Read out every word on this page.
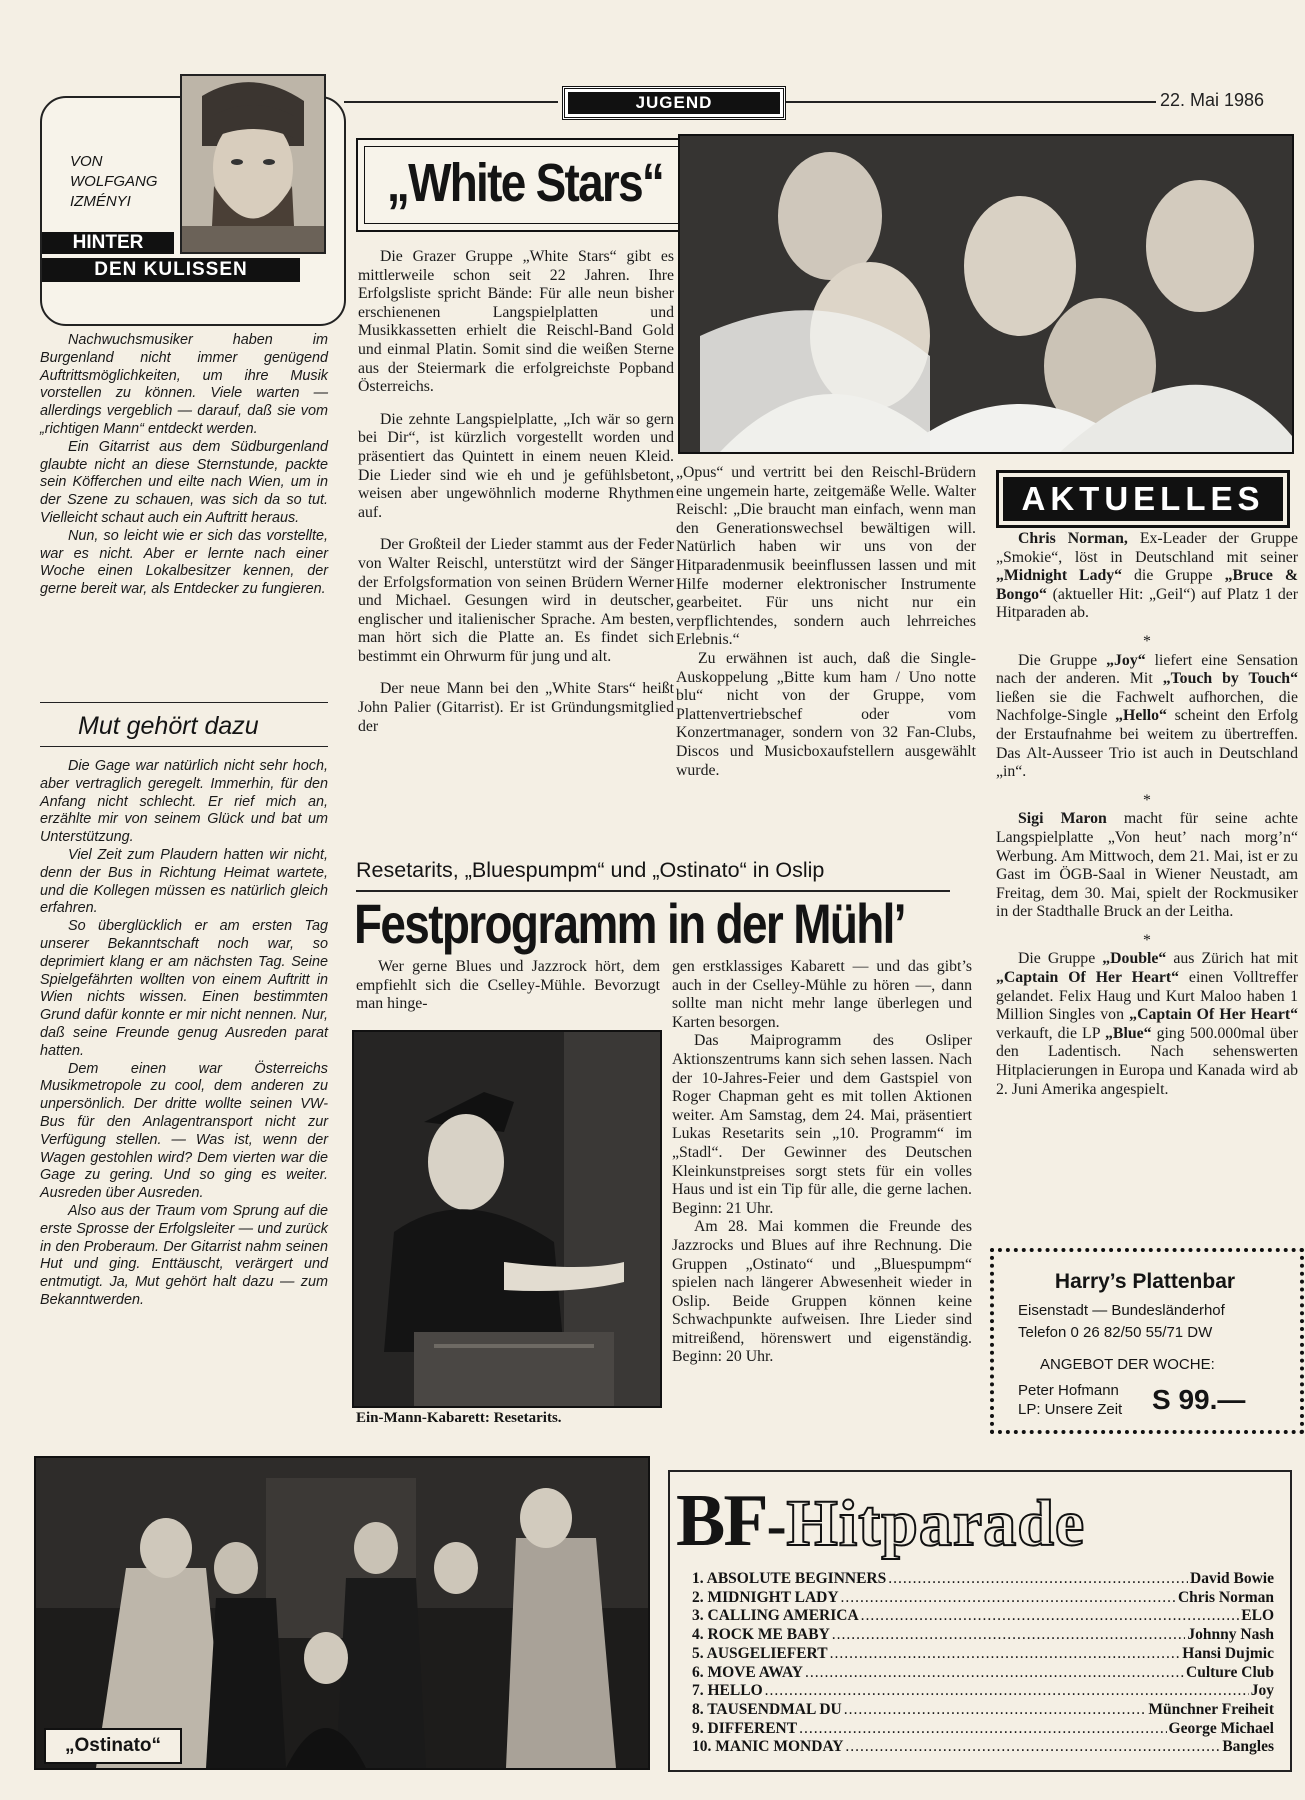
JUGEND	22. Mai 1986
VON
WOLFGANG
IZMÉNYI
HINTER
DEN KULISSEN

Nachwuchsmusiker haben im Burgenland nicht immer genügend Auftrittsmöglichkeiten, um ihre Musik vorstellen zu können. Viele warten — allerdings vergeblich — darauf, daß sie vom „richtigen Mann“ entdeckt werden.

Ein Gitarrist aus dem Südburgenland glaubte nicht an diese Sternstunde, packte sein Köfferchen und eilte nach Wien, um in der Szene zu schauen, was sich da so tut. Vielleicht schaut auch ein Auftritt heraus.

Nun, so leicht wie er sich das vorstellte, war es nicht. Aber er lernte nach einer Woche einen Lokalbesitzer kennen, der gerne bereit war, als Entdecker zu fungieren.

Mut gehört dazu

Die Gage war natürlich nicht sehr hoch, aber vertraglich geregelt. Immerhin, für den Anfang nicht schlecht. Er rief mich an, erzählte mir von seinem Glück und bat um Unterstützung.

Viel Zeit zum Plaudern hatten wir nicht, denn der Bus in Richtung Heimat wartete, und die Kollegen müssen es natürlich gleich erfahren.

So überglücklich er am ersten Tag unserer Bekanntschaft noch war, so deprimiert klang er am nächsten Tag. Seine Spielgefährten wollten von einem Auftritt in Wien nichts wissen. Einen bestimmten Grund dafür konnte er mir nicht nennen. Nur, daß seine Freunde genug Ausreden parat hatten.

Dem einen war Österreichs Musikmetropole zu cool, dem anderen zu unpersönlich. Der dritte wollte seinen VW-Bus für den Anlagentransport nicht zur Verfügung stellen. — Was ist, wenn der Wagen gestohlen wird? Dem vierten war die Gage zu gering. Und so ging es weiter. Ausreden über Ausreden.

Also aus der Traum vom Sprung auf die erste Sprosse der Erfolgsleiter — und zurück in den Proberaum. Der Gitarrist nahm seinen Hut und ging. Enttäuscht, verärgert und entmutigt. Ja, Mut gehört halt dazu — zum Bekanntwerden.

„White Stars“

Die Grazer Gruppe „White Stars“ gibt es mittlerweile schon seit 22 Jahren. Ihre Erfolgsliste spricht Bände: Für alle neun bisher erschienenen Langspielplatten und Musikkassetten erhielt die Reischl-Band Gold und einmal Platin. Somit sind die weißen Sterne aus der Steiermark die erfolgreichste Popband Österreichs.

Die zehnte Langspielplatte, „Ich wär so gern bei Dir“, ist kürzlich vorgestellt worden und präsentiert das Quintett in einem neuen Kleid. Die Lieder sind wie eh und je gefühlsbetont, weisen aber ungewöhnlich moderne Rhythmen auf.

Der Großteil der Lieder stammt aus der Feder von Walter Reischl, unterstützt wird der Sänger der Erfolgsformation von seinen Brüdern Werner und Michael. Gesungen wird in deutscher, englischer und italienischer Sprache. Am besten, man hört sich die Platte an. Es findet sich bestimmt ein Ohrwurm für jung und alt.

Der neue Mann bei den „White Stars“ heißt John Palier (Gitarrist). Er ist Gründungsmitglied der

„Opus“ und vertritt bei den Reischl-Brüdern eine ungemein harte, zeitgemäße Welle. Walter Reischl: „Die braucht man einfach, wenn man den Generationswechsel bewältigen will. Natürlich haben wir uns von der Hitparadenmusik beeinflussen lassen und mit Hilfe moderner elektronischer Instrumente gearbeitet. Für uns nicht nur ein verpflichtendes, sondern auch lehrreiches Erlebnis.“

Zu erwähnen ist auch, daß die Single-Auskoppelung „Bitte kum ham / Uno notte blu“ nicht von der Gruppe, vom Plattenvertriebschef oder vom Konzertmanager, sondern von 32 Fan-Clubs, Discos und Musicboxaufstellern ausgewählt wurde.

Resetarits, „Bluespumpm“ und „Ostinato“ in Oslip
Festprogramm in der Mühl’

Wer gerne Blues und Jazzrock hört, dem empfiehlt sich die Cselley-Mühle. Bevorzugt man hinge-

Ein-Mann-Kabarett: Resetarits.

gen erstklassiges Kabarett — und das gibt’s auch in der Cselley-Mühle zu hören —, dann sollte man nicht mehr lange überlegen und Karten besorgen.

Das Maiprogramm des Osliper Aktionszentrums kann sich sehen lassen. Nach der 10-Jahres-Feier und dem Gastspiel von Roger Chapman geht es mit tollen Aktionen weiter. Am Samstag, dem 24. Mai, präsentiert Lukas Resetarits sein „10. Programm“ im „Stadl“. Der Gewinner des Deutschen Kleinkunstpreises sorgt stets für ein volles Haus und ist ein Tip für alle, die gerne lachen. Beginn: 21 Uhr.

Am 28. Mai kommen die Freunde des Jazzrocks und Blues auf ihre Rechnung. Die Gruppen „Ostinato“ und „Bluespumpm“ spielen nach längerer Abwesenheit wieder in Oslip. Beide Gruppen können keine Schwachpunkte aufweisen. Ihre Lieder sind mitreißend, hörenswert und eigenständig. Beginn: 20 Uhr.

AKTUELLES

Chris Norman, Ex-Leader der Gruppe „Smokie“, löst in Deutschland mit seiner „Midnight Lady“ die Gruppe „Bruce & Bongo“ (aktueller Hit: „Geil“) auf Platz 1 der Hitparaden ab.

*

Die Gruppe „Joy“ liefert eine Sensation nach der anderen. Mit „Touch by Touch“ ließen sie die Fachwelt aufhorchen, die Nachfolge-Single „Hello“ scheint den Erfolg der Erstaufnahme bei weitem zu übertreffen. Das Alt-Ausseer Trio ist auch in Deutschland „in“.

*

Sigi Maron macht für seine achte Langspielplatte „Von heut’ nach morg’n“ Werbung. Am Mittwoch, dem 21. Mai, ist er zu Gast im ÖGB-Saal in Wiener Neustadt, am Freitag, dem 30. Mai, spielt der Rockmusiker in der Stadthalle Bruck an der Leitha.

*

Die Gruppe „Double“ aus Zürich hat mit „Captain Of Her Heart“ einen Volltreffer gelandet. Felix Haug und Kurt Maloo haben 1 Million Singles von „Captain Of Her Heart“ verkauft, die LP „Blue“ ging 500.000mal über den Ladentisch. Nach sehenswerten Hitplacierungen in Europa und Kanada wird ab 2. Juni Amerika angespielt.

Harry’s Plattenbar
Eisenstadt — Bundesländerhof
Telefon 0 26 82/50 55/71 DW
ANGEBOT DER WOCHE:
Peter Hofmann
LP: Unsere Zeit S 99.—
„Ostinato“
BF-Hitparade
1. ABSOLUTE BEGINNERS .....	David Bowie
2. MIDNIGHT LADY .....	Chris Norman
3. CALLING AMERICA .....	ELO
4. ROCK ME BABY .....	Johnny Nash
5. AUSGELIEFERT .....	Hansi Dujmic
6. MOVE AWAY .....	Culture Club
7. HELLO .....	Joy
8. TAUSENDMAL DU .....	Münchner Freiheit
9. DIFFERENT .....	George Michael
10. MANIC MONDAY .....	Bangles
